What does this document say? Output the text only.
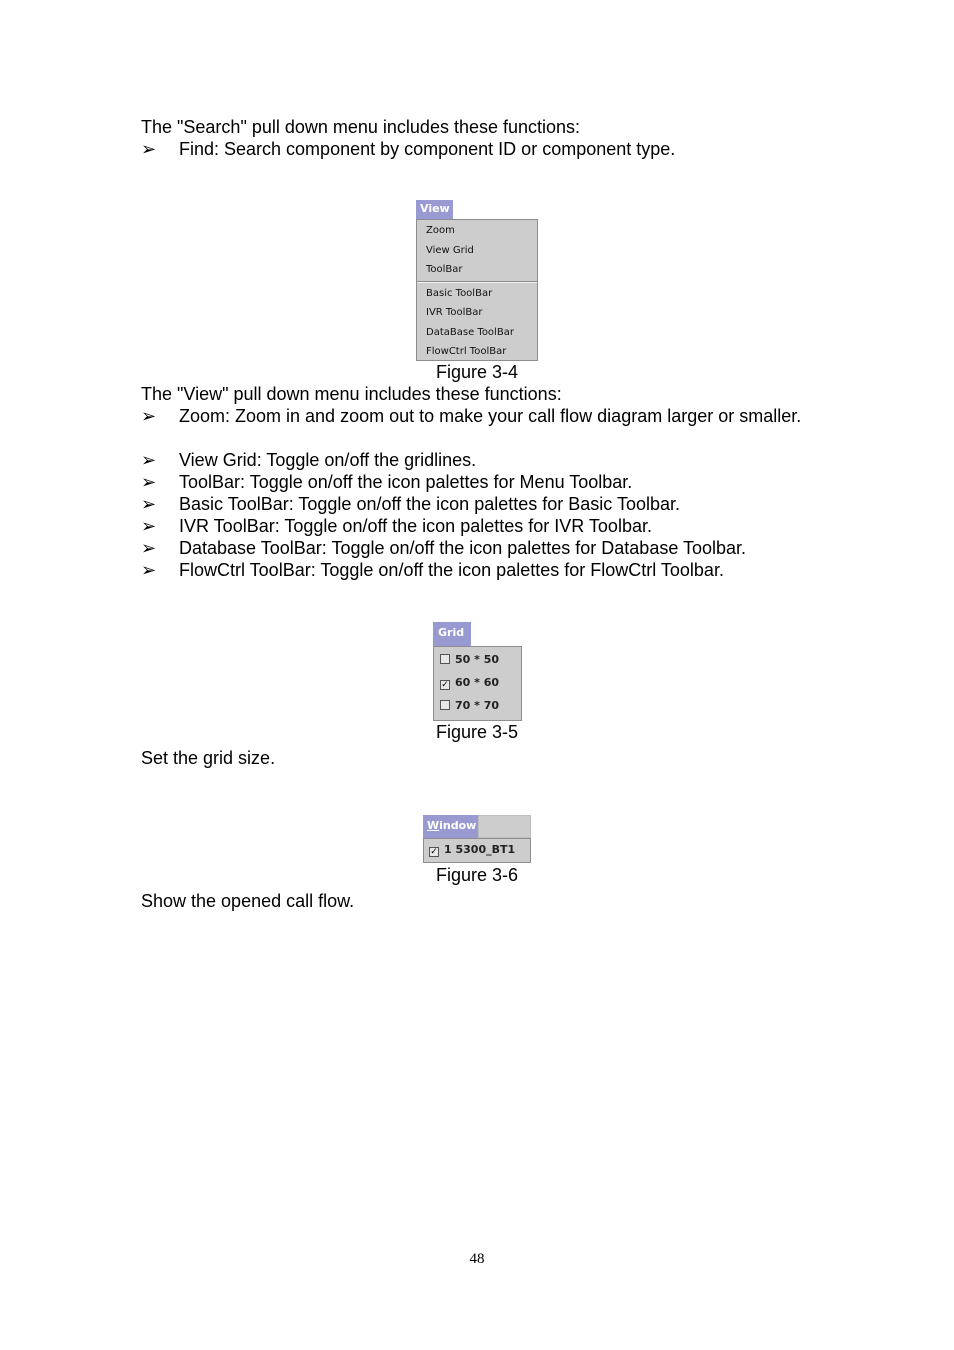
The "Search" pull down menu includes these functions:
➢ Find: Search component by component ID or component type.
View
Zoom
View Grid
ToolBar
Basic ToolBar
IVR ToolBar
DataBase ToolBar
FlowCtrl ToolBar
Figure 3-4
The "View" pull down menu includes these functions:
➢ Zoom: Zoom in and zoom out to make your call flow diagram larger or smaller.
➢ View Grid: Toggle on/off the gridlines.
➢ ToolBar: Toggle on/off the icon palettes for Menu Toolbar.
➢ Basic ToolBar: Toggle on/off the icon palettes for Basic Toolbar.
➢ IVR ToolBar: Toggle on/off the icon palettes for IVR Toolbar.
➢ Database ToolBar: Toggle on/off the icon palettes for Database Toolbar.
➢ FlowCtrl ToolBar: Toggle on/off the icon palettes for FlowCtrl Toolbar.
Grid
50 * 50
✓ 60 * 60
70 * 70
Figure 3-5
Set the grid size.
Window
✓ 1 5300_BT1
Figure 3-6
Show the opened call flow.
48
